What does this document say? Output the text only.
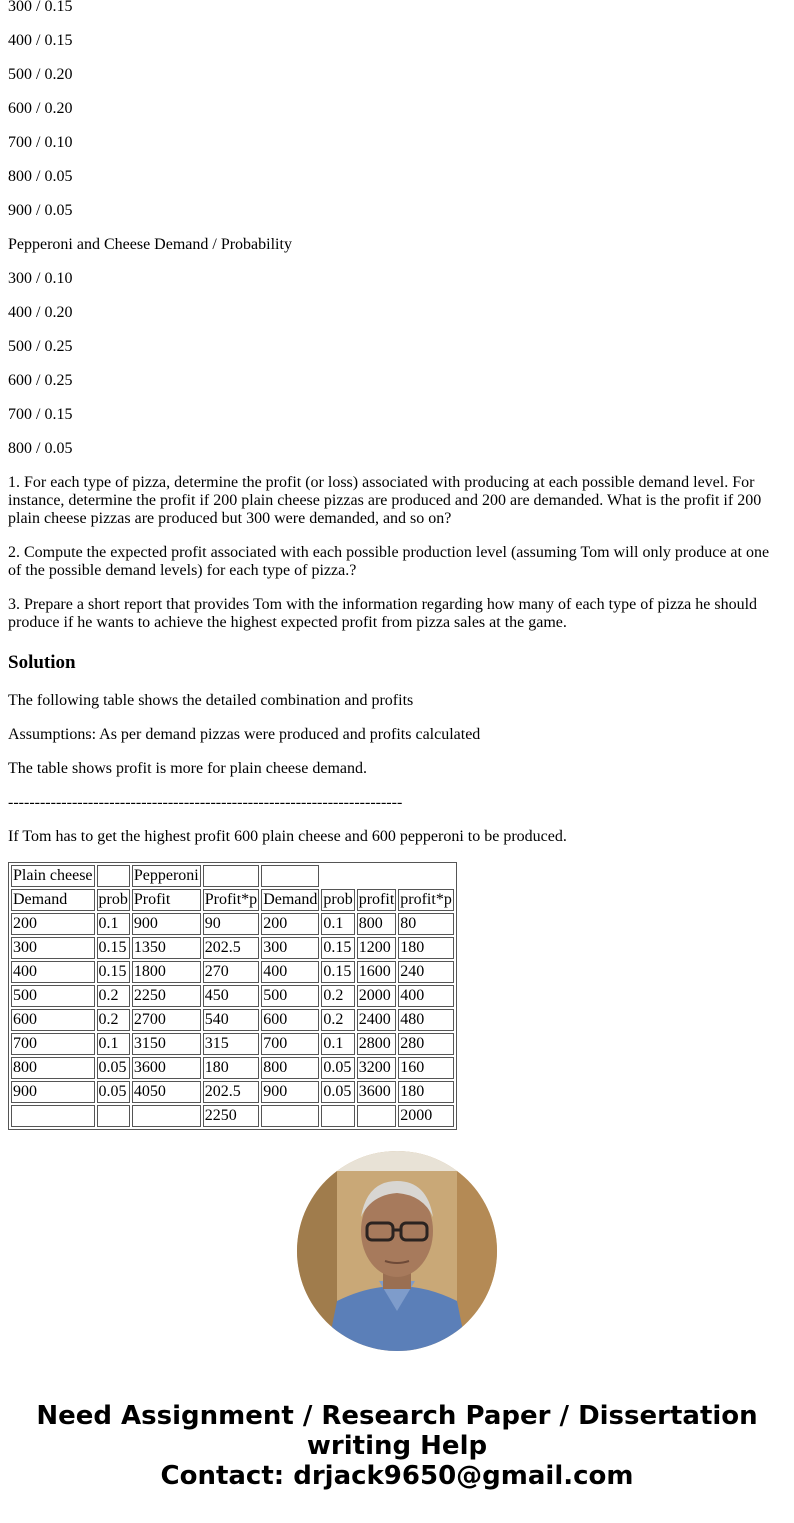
300 / 0.15

400 / 0.15

500 / 0.20

600 / 0.20

700 / 0.10

800 / 0.05

900 / 0.05

Pepperoni and Cheese Demand / Probability

300 / 0.10

400 / 0.20

500 / 0.25

600 / 0.25

700 / 0.15

800 / 0.05

1. For each type of pizza, determine the profit (or loss) associated with producing at each possible demand level. For instance, determine the profit if 200 plain cheese pizzas are produced and 200 are demanded. What is the profit if 200 plain cheese pizzas are produced but 300 were demanded, and so on?

2. Compute the expected profit associated with each possible production level (assuming Tom will only produce at one of the possible demand levels) for each type of pizza.?

3. Prepare a short report that provides Tom with the information regarding how many of each type of pizza he should produce if he wants to achieve the highest expected profit from pizza sales at the game.

Solution

The following table shows the detailed combination and profits

Assumptions: As per demand pizzas were produced and profits calculated

The table shows profit is more for plain cheese demand.

--------------------------------------------------------------------------

If Tom has to get the highest profit 600 plain cheese and 600 pepperoni to be produced.

Plain cheese		Pepperoni					
Demand	prob	Profit	Profit*p	Demand	prob	profit	profit*p
200	0.1	900	90	200	0.1	800	80
300	0.15	1350	202.5	300	0.15	1200	180
400	0.15	1800	270	400	0.15	1600	240
500	0.2	2250	450	500	0.2	2000	400
600	0.2	2700	540	600	0.2	2400	480
700	0.1	3150	315	700	0.1	2800	280
800	0.05	3600	180	800	0.05	3200	160
900	0.05	4050	202.5	900	0.05	3600	180
			2250				2000
Need Assignment / Research Paper / Dissertation
writing Help
Contact: drjack9650@gmail.com
